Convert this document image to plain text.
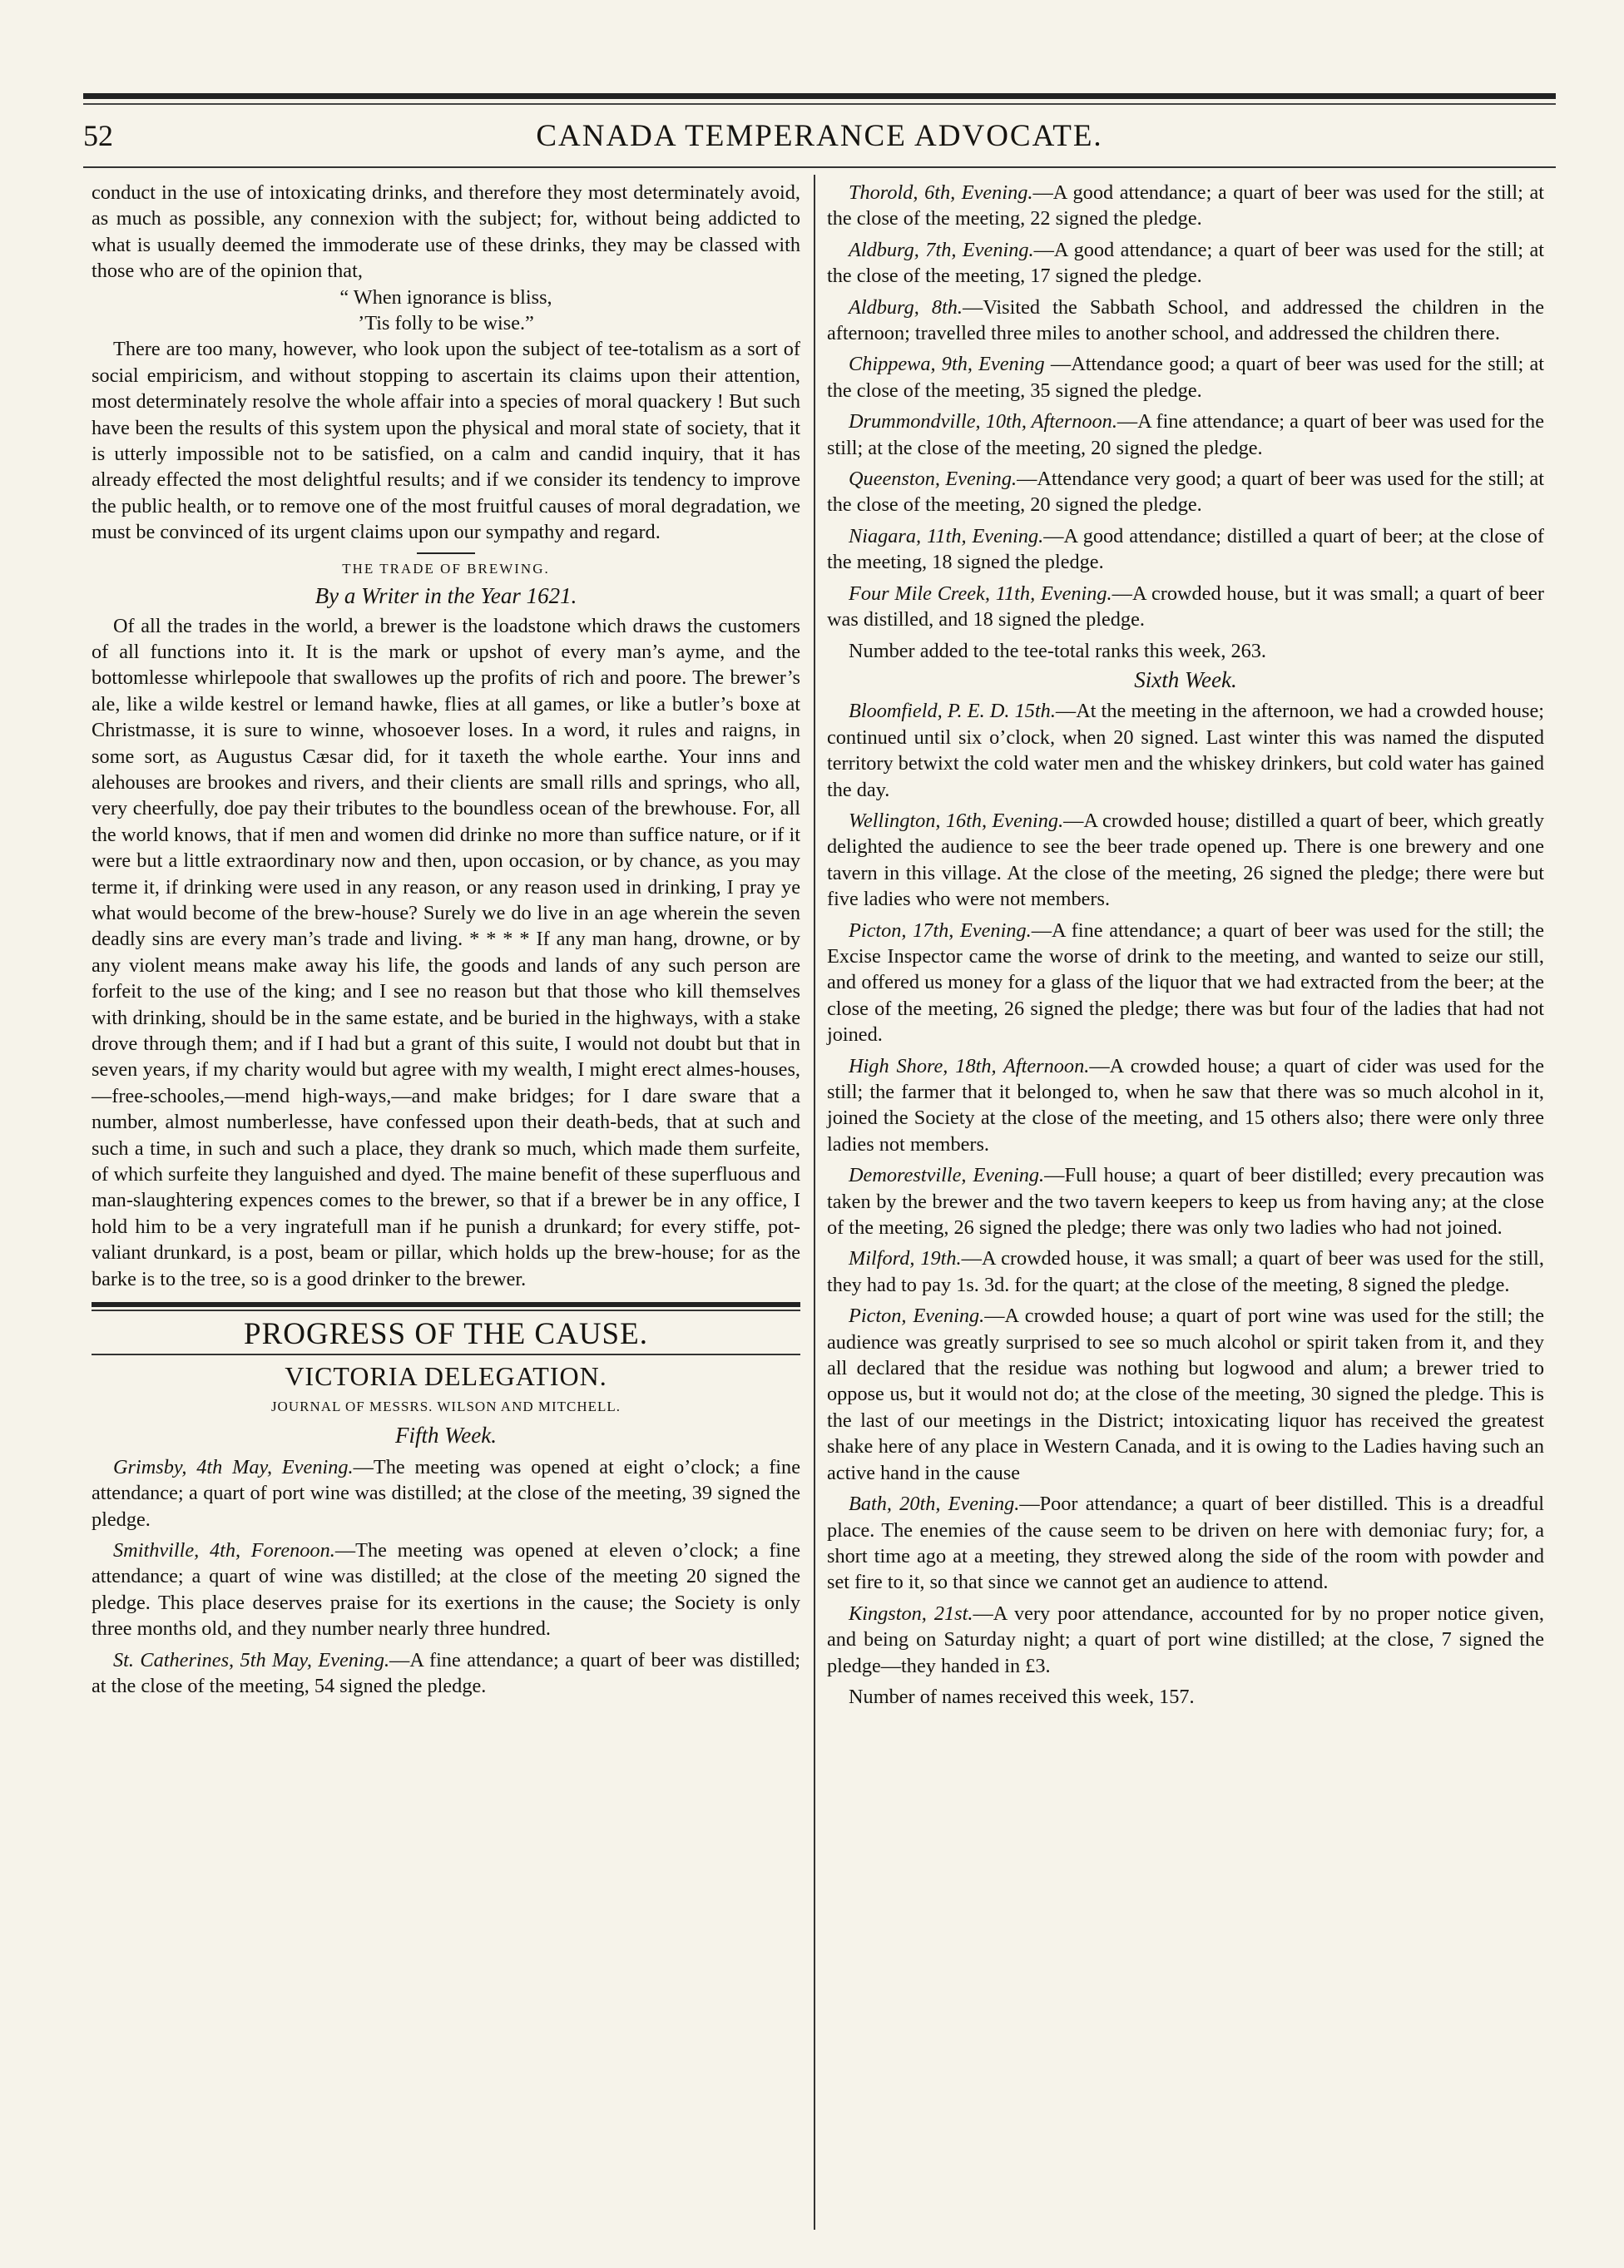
52	CANADA TEMPERANCE ADVOCATE.

conduct in the use of intoxicating drinks, and therefore they most determinately avoid, as much as possible, any connexion with the subject; for, without being addicted to what is usually deemed the immoderate use of these drinks, they may be classed with those who are of the opinion that,

“ When ignorance is bliss,

’Tis folly to be wise.”

There are too many, however, who look upon the subject of tee-totalism as a sort of social empiricism, and without stopping to ascertain its claims upon their attention, most determinately resolve the whole affair into a species of moral quackery ! But such have been the results of this system upon the physical and moral state of society, that it is utterly impossible not to be satisfied, on a calm and candid inquiry, that it has already effected the most delightful results; and if we consider its tendency to improve the public health, or to remove one of the most fruitful causes of moral degradation, we must be convinced of its urgent claims upon our sympathy and regard.

THE TRADE OF BREWING.

By a Writer in the Year 1621.

Of all the trades in the world, a brewer is the loadstone which draws the customers of all functions into it. It is the mark or upshot of every man’s ayme, and the bottomlesse whirlepoole that swallowes up the profits of rich and poore. The brewer’s ale, like a wilde kestrel or lemand hawke, flies at all games, or like a butler’s boxe at Christmasse, it is sure to winne, whosoever loses. In a word, it rules and raigns, in some sort, as Augustus Cæsar did, for it taxeth the whole earthe. Your inns and alehouses are brookes and rivers, and their clients are small rills and springs, who all, very cheerfully, doe pay their tributes to the boundless ocean of the brewhouse. For, all the world knows, that if men and women did drinke no more than suffice nature, or if it were but a little extraordinary now and then, upon occasion, or by chance, as you may terme it, if drinking were used in any reason, or any reason used in drinking, I pray ye what would become of the brew-house? Surely we do live in an age wherein the seven deadly sins are every man’s trade and living. * * * * If any man hang, drowne, or by any violent means make away his life, the goods and lands of any such person are forfeit to the use of the king; and I see no reason but that those who kill themselves with drinking, should be in the same estate, and be buried in the highways, with a stake drove through them; and if I had but a grant of this suite, I would not doubt but that in seven years, if my charity would but agree with my wealth, I might erect almes-houses,—free-schooles,—mend high-ways,—and make bridges; for I dare sware that a number, almost numberlesse, have confessed upon their death-beds, that at such and such a time, in such and such a place, they drank so much, which made them surfeite, of which surfeite they languished and dyed. The maine benefit of these superfluous and man-slaughtering expences comes to the brewer, so that if a brewer be in any office, I hold him to be a very ingratefull man if he punish a drunkard; for every stiffe, pot-valiant drunkard, is a post, beam or pillar, which holds up the brew-house; for as the barke is to the tree, so is a good drinker to the brewer.

PROGRESS OF THE CAUSE.
VICTORIA DELEGATION.
JOURNAL OF MESSRS. WILSON AND MITCHELL.
Fifth Week.

Grimsby, 4th May, Evening.—The meeting was opened at eight o’clock; a fine attendance; a quart of port wine was distilled; at the close of the meeting, 39 signed the pledge.

Smithville, 4th, Forenoon.—The meeting was opened at eleven o’clock; a fine attendance; a quart of wine was distilled; at the close of the meeting 20 signed the pledge. This place deserves praise for its exertions in the cause; the Society is only three months old, and they number nearly three hundred.

St. Catherines, 5th May, Evening.—A fine attendance; a quart of beer was distilled; at the close of the meeting, 54 signed the pledge.

Thorold, 6th, Evening.—A good attendance; a quart of beer was used for the still; at the close of the meeting, 22 signed the pledge.

Aldburg, 7th, Evening.—A good attendance; a quart of beer was used for the still; at the close of the meeting, 17 signed the pledge.

Aldburg, 8th.—Visited the Sabbath School, and addressed the children in the afternoon; travelled three miles to another school, and addressed the children there.

Chippewa, 9th, Evening —Attendance good; a quart of beer was used for the still; at the close of the meeting, 35 signed the pledge.

Drummondville, 10th, Afternoon.—A fine attendance; a quart of beer was used for the still; at the close of the meeting, 20 signed the pledge.

Queenston, Evening.—Attendance very good; a quart of beer was used for the still; at the close of the meeting, 20 signed the pledge.

Niagara, 11th, Evening.—A good attendance; distilled a quart of beer; at the close of the meeting, 18 signed the pledge.

Four Mile Creek, 11th, Evening.—A crowded house, but it was small; a quart of beer was distilled, and 18 signed the pledge.

Number added to the tee-total ranks this week, 263.

Sixth Week.

Bloomfield, P. E. D. 15th.—At the meeting in the afternoon, we had a crowded house; continued until six o’clock, when 20 signed. Last winter this was named the disputed territory betwixt the cold water men and the whiskey drinkers, but cold water has gained the day.

Wellington, 16th, Evening.—A crowded house; distilled a quart of beer, which greatly delighted the audience to see the beer trade opened up. There is one brewery and one tavern in this village. At the close of the meeting, 26 signed the pledge; there were but five ladies who were not members.

Picton, 17th, Evening.—A fine attendance; a quart of beer was used for the still; the Excise Inspector came the worse of drink to the meeting, and wanted to seize our still, and offered us money for a glass of the liquor that we had extracted from the beer; at the close of the meeting, 26 signed the pledge; there was but four of the ladies that had not joined.

High Shore, 18th, Afternoon.—A crowded house; a quart of cider was used for the still; the farmer that it belonged to, when he saw that there was so much alcohol in it, joined the Society at the close of the meeting, and 15 others also; there were only three ladies not members.

Demorestville, Evening.—Full house; a quart of beer distilled; every precaution was taken by the brewer and the two tavern keepers to keep us from having any; at the close of the meeting, 26 signed the pledge; there was only two ladies who had not joined.

Milford, 19th.—A crowded house, it was small; a quart of beer was used for the still, they had to pay 1s. 3d. for the quart; at the close of the meeting, 8 signed the pledge.

Picton, Evening.—A crowded house; a quart of port wine was used for the still; the audience was greatly surprised to see so much alcohol or spirit taken from it, and they all declared that the residue was nothing but logwood and alum; a brewer tried to oppose us, but it would not do; at the close of the meeting, 30 signed the pledge. This is the last of our meetings in the District; intoxicating liquor has received the greatest shake here of any place in Western Canada, and it is owing to the Ladies having such an active hand in the cause

Bath, 20th, Evening.—Poor attendance; a quart of beer distilled. This is a dreadful place. The enemies of the cause seem to be driven on here with demoniac fury; for, a short time ago at a meeting, they strewed along the side of the room with powder and set fire to it, so that since we cannot get an audience to attend.

Kingston, 21st.—A very poor attendance, accounted for by no proper notice given, and being on Saturday night; a quart of port wine distilled; at the close, 7 signed the pledge—they handed in £3.

Number of names received this week, 157.
